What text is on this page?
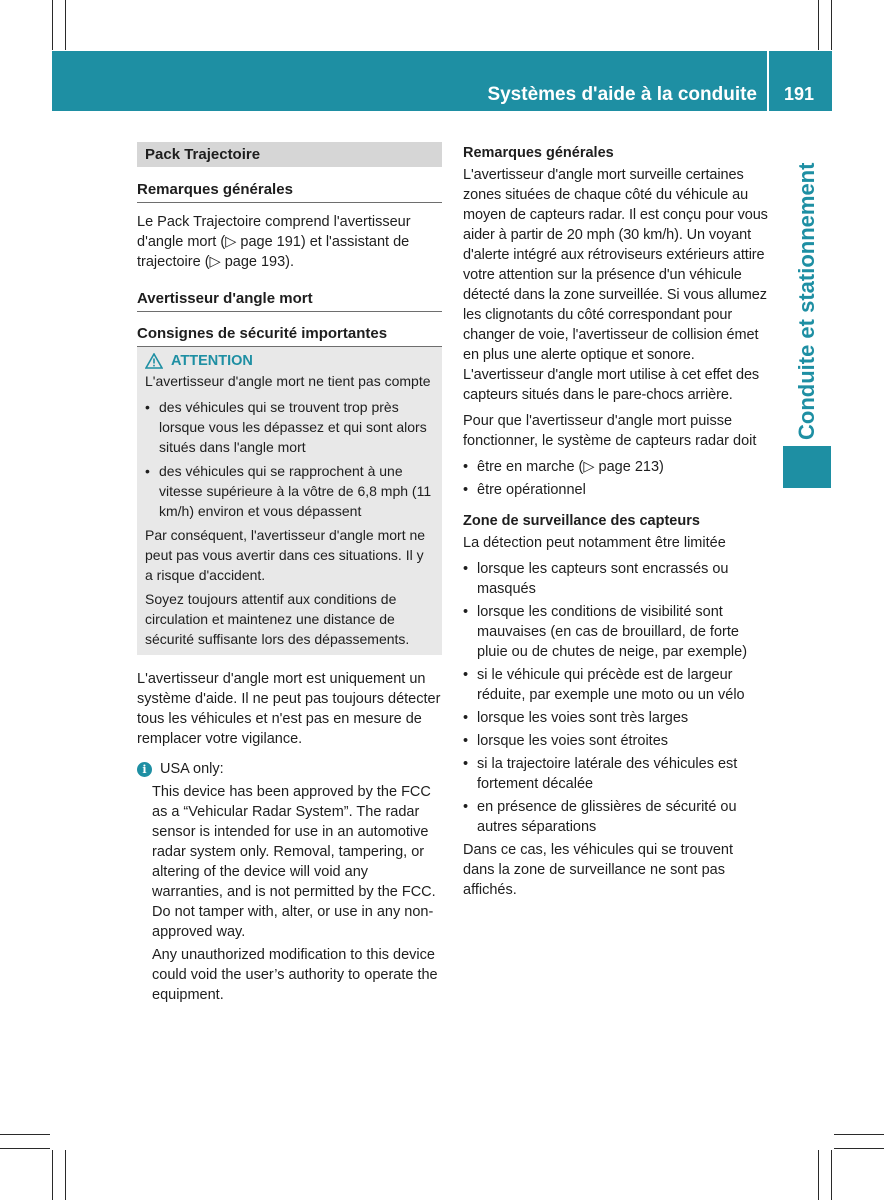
Systèmes d'aide à la conduite 191
Conduite et stationnement
Pack Trajectoire
Remarques générales

Le Pack Trajectoire comprend l'avertisseur d'angle mort (▷ page 191) et l'assistant de trajectoire (▷ page 193).

Avertisseur d'angle mort
Consignes de sécurité importantes
ATTENTION

L'avertisseur d'angle mort ne tient pas compte

• des véhicules qui se trouvent trop près lorsque vous les dépassez et qui sont alors situés dans l'angle mort
• des véhicules qui se rapprochent à une vitesse supérieure à la vôtre de 6,8 mph (11 km/h) environ et vous dépassent

Par conséquent, l'avertisseur d'angle mort ne peut pas vous avertir dans ces situations. Il y a risque d'accident.

Soyez toujours attentif aux conditions de circulation et maintenez une distance de sécurité suffisante lors des dépassements.

L'avertisseur d'angle mort est uniquement un système d'aide. Il ne peut pas toujours détecter tous les véhicules et n'est pas en mesure de remplacer votre vigilance.

i USA only:

This device has been approved by the FCC as a “Vehicular Radar System”. The radar sensor is intended for use in an automotive radar system only. Removal, tampering, or altering of the device will void any warranties, and is not permitted by the FCC. Do not tamper with, alter, or use in any non-approved way.

Any unauthorized modification to this device could void the user’s authority to operate the equipment.

Remarques générales

L'avertisseur d'angle mort surveille certaines zones situées de chaque côté du véhicule au moyen de capteurs radar. Il est conçu pour vous aider à partir de 20 mph (30 km/h). Un voyant d'alerte intégré aux rétroviseurs extérieurs attire votre attention sur la présence d'un véhicule détecté dans la zone surveillée. Si vous allumez les clignotants du côté correspondant pour changer de voie, l'avertisseur de collision émet en plus une alerte optique et sonore. L'avertisseur d'angle mort utilise à cet effet des capteurs situés dans le pare-chocs arrière.

Pour que l'avertisseur d'angle mort puisse fonctionner, le système de capteurs radar doit

• être en marche (▷ page 213)
• être opérationnel
Zone de surveillance des capteurs

La détection peut notamment être limitée

• lorsque les capteurs sont encrassés ou masqués
• lorsque les conditions de visibilité sont mauvaises (en cas de brouillard, de forte pluie ou de chutes de neige, par exemple)
• si le véhicule qui précède est de largeur réduite, par exemple une moto ou un vélo
• lorsque les voies sont très larges
• lorsque les voies sont étroites
• si la trajectoire latérale des véhicules est fortement décalée
• en présence de glissières de sécurité ou autres séparations

Dans ce cas, les véhicules qui se trouvent dans la zone de surveillance ne sont pas affichés.
